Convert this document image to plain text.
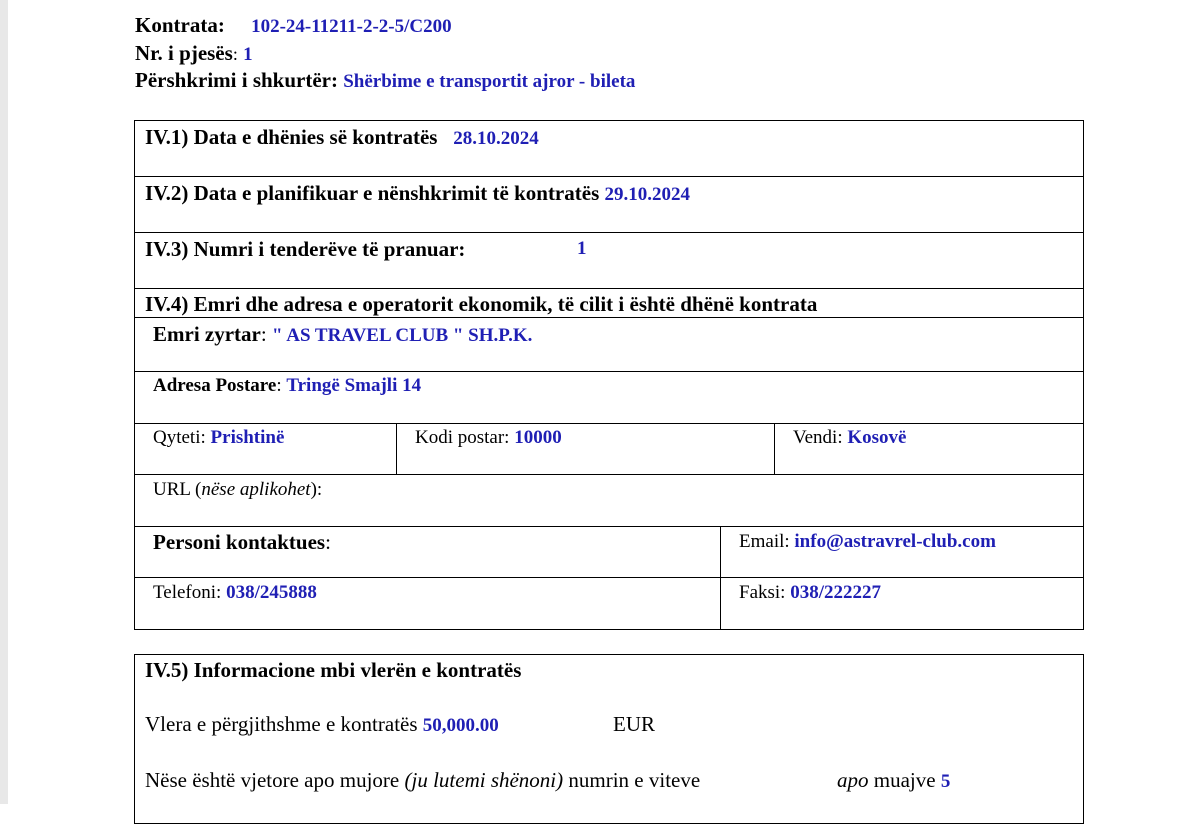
Kontrata: 102-24-11211-2-2-5/C200
Nr. i pjesës: 1
Përshkrimi i shkurtër: Shërbime e transportit ajror - bileta
IV.1) Data e dhënies së kontratës 28.10.2024
IV.2) Data e planifikuar e nënshkrimit të kontratës 29.10.2024
IV.3) Numri i tenderëve të pranuar:	1
IV.4) Emri dhe adresa e operatorit ekonomik, të cilit i është dhënë kontrata
Emri zyrtar: " AS TRAVEL CLUB " SH.P.K.
Adresa Postare: Tringë Smajli 14
Qyteti: Prishtinë	Kodi postar: 10000	Vendi: Kosovë
URL (nëse aplikohet):
Personi kontaktues:	Email: info@astravrel-club.com
Telefoni: 038/245888	Faksi: 038/222227
IV.5) Informacione mbi vlerën e kontratës
Vlera e përgjithshme e kontratës 50,000.00	EUR
Nëse është vjetore apo mujore (ju lutemi shënoni) numrin e viteve	apo muajve 5
